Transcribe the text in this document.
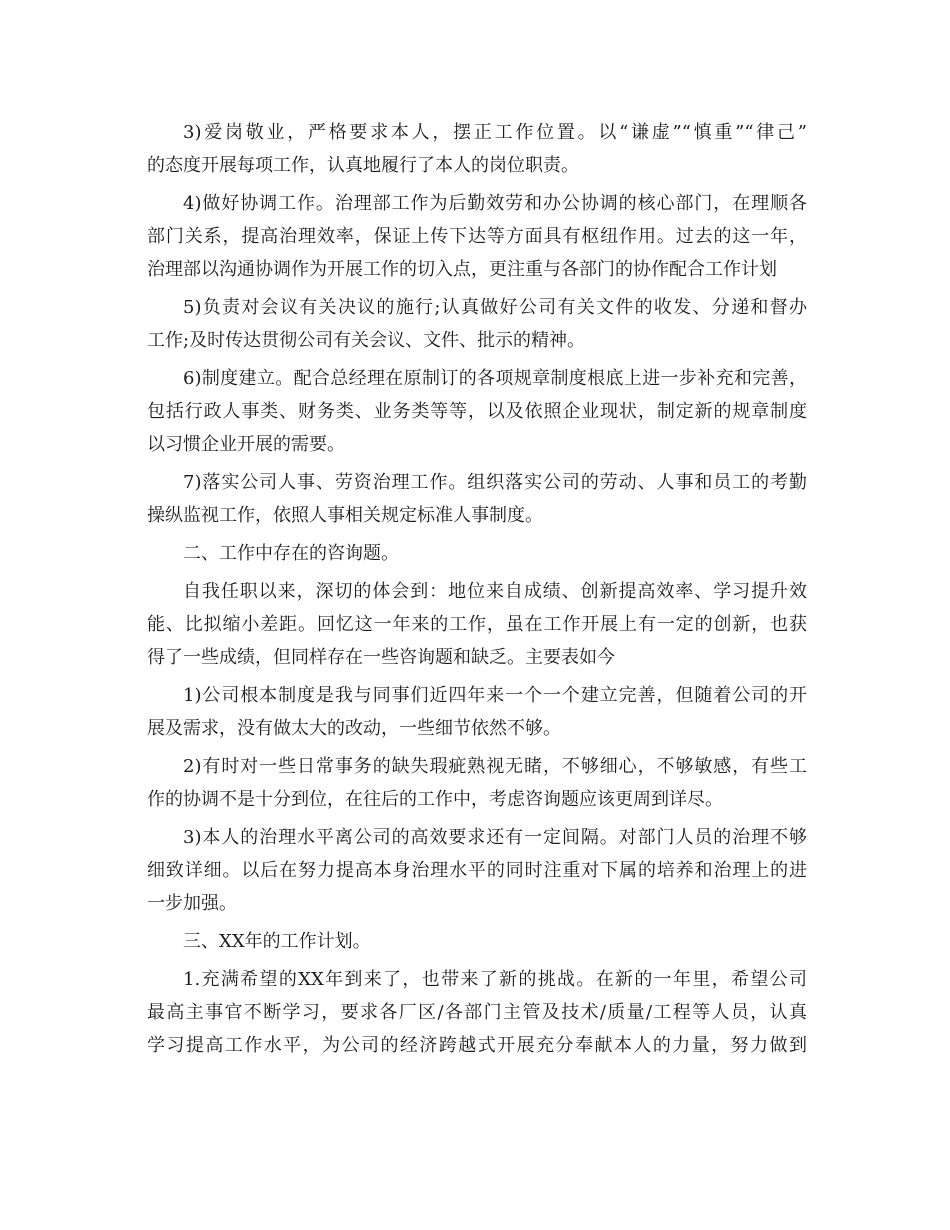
3)爱岗敬业，严格要求本人，摆正工作位置。以“谦虚”“慎重”“律己”
的态度开展每项工作，认真地履行了本人的岗位职责。
4)做好协调工作。治理部工作为后勤效劳和办公协调的核心部门，在理顺各
部门关系，提高治理效率，保证上传下达等方面具有枢纽作用。过去的这一年，
治理部以沟通协调作为开展工作的切入点，更注重与各部门的协作配合工作计划
5)负责对会议有关决议的施行;认真做好公司有关文件的收发、分递和督办
工作;及时传达贯彻公司有关会议、文件、批示的精神。
6)制度建立。配合总经理在原制订的各项规章制度根底上进一步补充和完善，
包括行政人事类、财务类、业务类等等，以及依照企业现状，制定新的规章制度
以习惯企业开展的需要。
7)落实公司人事、劳资治理工作。组织落实公司的劳动、人事和员工的考勤
操纵监视工作，依照人事相关规定标准人事制度。
二、工作中存在的咨询题。
自我任职以来，深切的体会到：地位来自成绩、创新提高效率、学习提升效
能、比拟缩小差距。回忆这一年来的工作，虽在工作开展上有一定的创新，也获
得了一些成绩，但同样存在一些咨询题和缺乏。主要表如今
1)公司根本制度是我与同事们近四年来一个一个建立完善，但随着公司的开
展及需求，没有做太大的改动，一些细节依然不够。
2)有时对一些日常事务的缺失瑕疵熟视无睹，不够细心，不够敏感，有些工
作的协调不是十分到位，在往后的工作中，考虑咨询题应该更周到详尽。
3)本人的治理水平离公司的高效要求还有一定间隔。对部门人员的治理不够
细致详细。以后在努力提高本身治理水平的同时注重对下属的培养和治理上的进
一步加强。
三、XX年的工作计划。
1.充满希望的XX年到来了，也带来了新的挑战。在新的一年里，希望公司
最高主事官不断学习，要求各厂区/各部门主管及技术/质量/工程等人员，认真
学习提高工作水平，为公司的经济跨越式开展充分奉献本人的力量，努力做到
